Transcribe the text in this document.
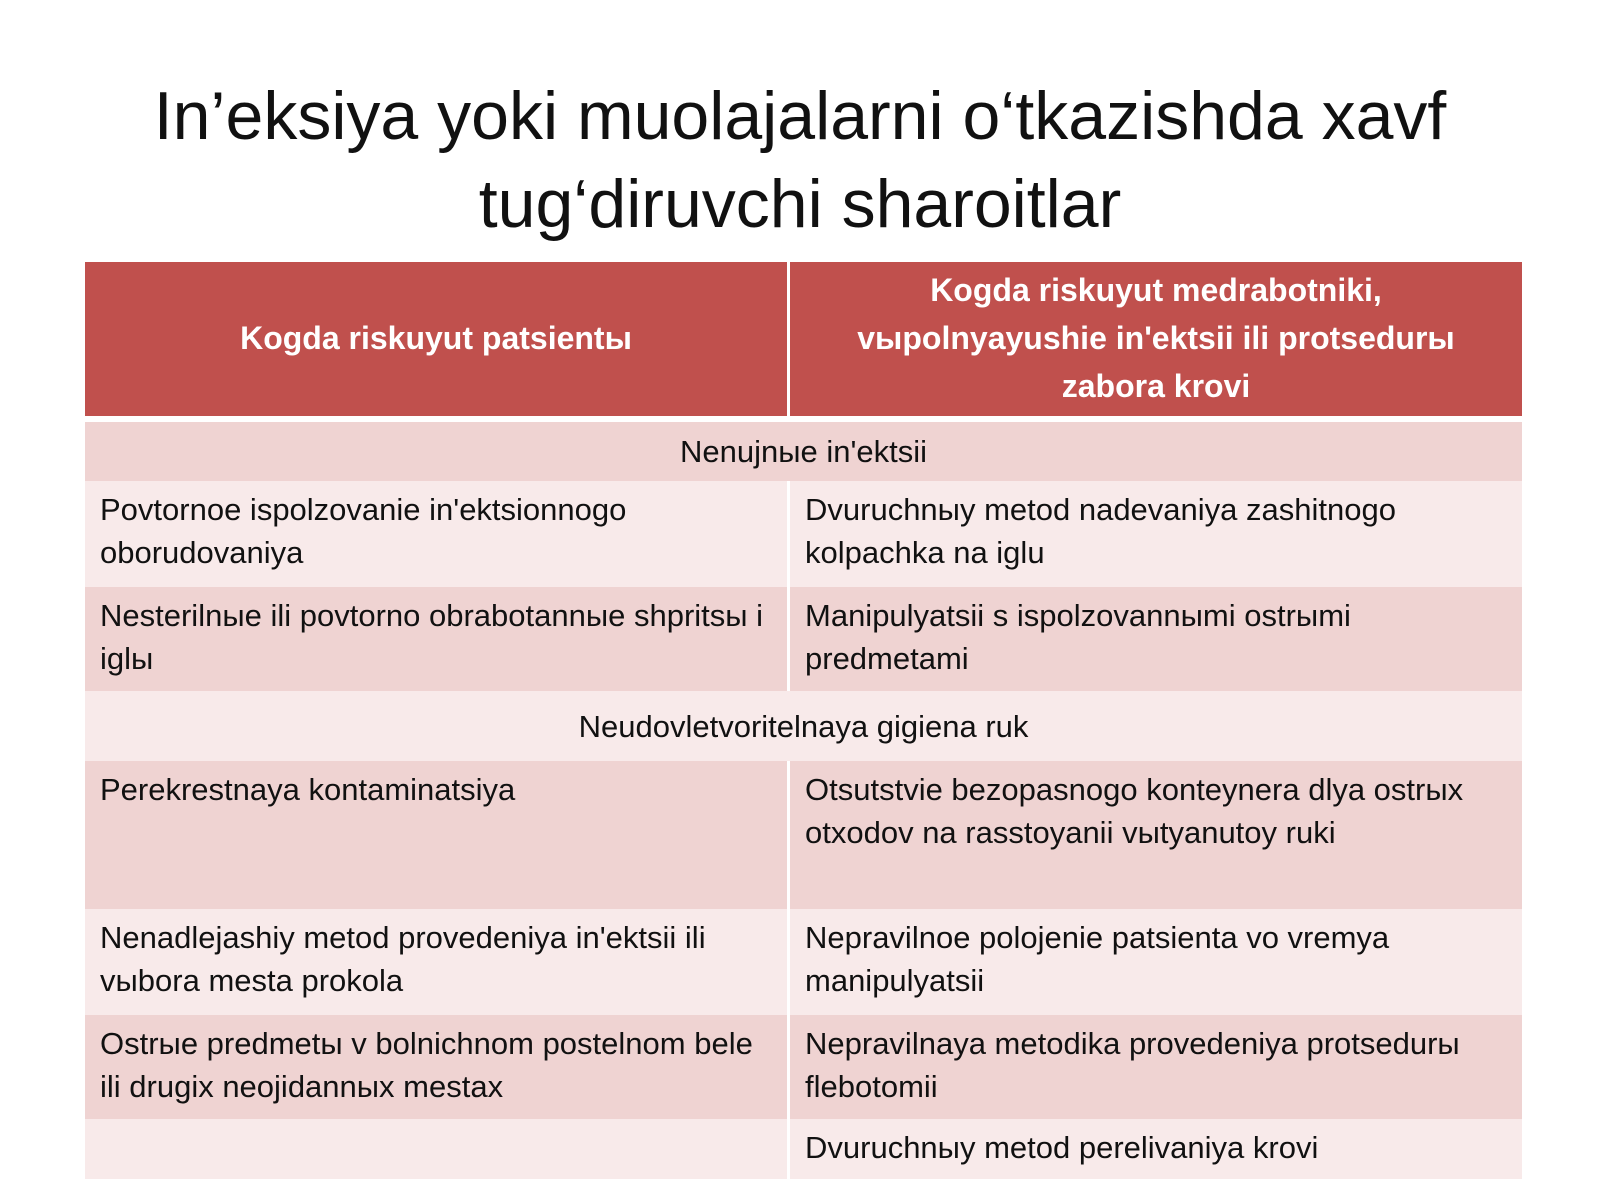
In’eksiya yoki muolajalarni o‘tkazishda xavf
tug‘diruvchi sharoitlar
Kogda riskuyut patsientы	Kogda riskuyut medrabotniki, vыpolnyayushie in'ektsii ili protsedurы zabora krovi
Nenujnыe in'ektsii	
Povtornoe ispolzovanie in'ektsionnogo oborudovaniya	Dvuruchnыy metod nadevaniya zashitnogo kolpachka na iglu
Nesterilnыe ili povtorno obrabotannыe shpritsы i iglы	Manipulyatsii s ispolzovannыmi ostrыmi predmetami
Neudovletvoritelnaya gigiena ruk	
Perekrestnaya kontaminatsiya	Otsutstvie bezopasnogo konteynera dlya ostrыx otxodov na rasstoyanii vыtyanutoy ruki
Nenadlejashiy metod provedeniya in'ektsii ili vыbora mesta prokola	Nepravilnoe polojenie patsienta vo vremya manipulyatsii
Ostrыe predmetы v bolnichnom postelnom bele ili drugix neojidannыx mestax	Nepravilnaya metodika provedeniya protsedurы flebotomii
	Dvuruchnыy metod perelivaniya krovi
